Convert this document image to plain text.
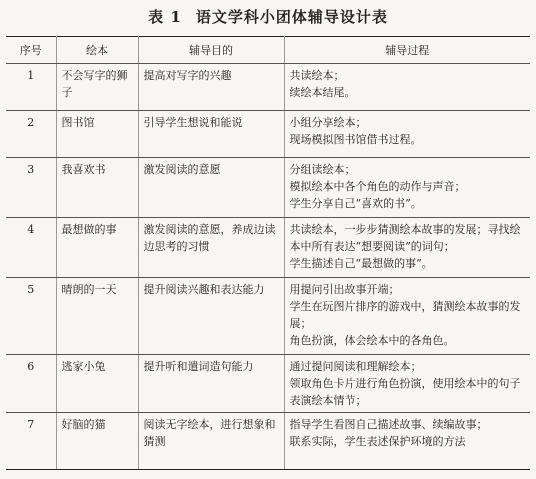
表 1 语文学科小团体辅导设计表
序号	绘本	辅导目的	辅导过程
1	不会写字的狮子	提高对写字的兴趣	共读绘本；
续绘本结尾。

2	图书馆	引导学生想说和能说	小组分享绘本；
现场模拟图书馆借书过程。

3	我喜欢书	激发阅读的意愿	分组读绘本；
模拟绘本中各个角色的动作与声音；
学生分享自己“喜欢的书”。

4	最想做的事	激发阅读的意愿，养成边读边思考的习惯	共读绘本，一步步猜测绘本故事的发展；寻找绘本中所有表达“想要阅读”的词句；
学生描述自己“最想做的事”。

5	晴朗的一天	提升阅读兴趣和表达能力	用提问引出故事开端；
学生在玩图片排序的游戏中，猜测绘本故事的发展；
角色扮演，体会绘本中的各角色。

6	逃家小兔	提升听和遣词造句能力	通过提问阅读和理解绘本；
领取角色卡片进行角色扮演，使用绘本中的句子表演绘本情节；

7	好脑的猫	阅读无字绘本，进行想象和猜测	指导学生看图自己描述故事、续编故事；
联系实际，学生表述保护环境的方法
